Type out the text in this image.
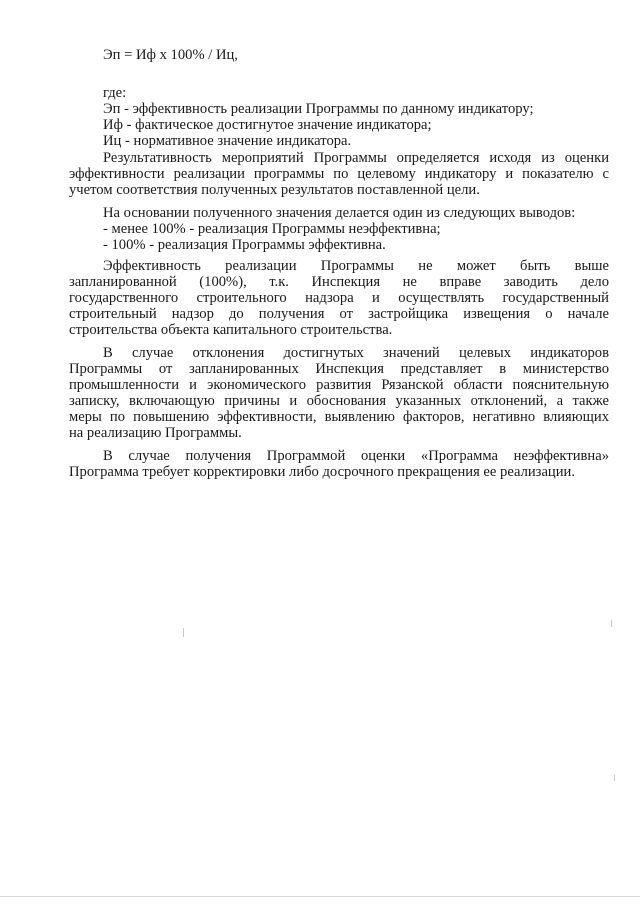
Эп = Иф х 100% / Иц,
где:
Эп - эффективность реализации Программы по данному индикатору;
Иф - фактическое достигнутое значение индикатора;
Иц - нормативное значение индикатора.
Результативность мероприятий Программы определяется исходя из оценки
эффективности реализации программы по целевому индикатору и показателю с
учетом соответствия полученных результатов поставленной цели.
На основании полученного значения делается один из следующих выводов:
- менее 100% - реализация Программы неэффективна;
- 100% - реализация Программы эффективна.
Эффективность реализации Программы не может быть выше
запланированной (100%), т.к. Инспекция не вправе заводить дело
государственного строительного надзора и осуществлять государственный
строительный надзор до получения от застройщика извещения о начале
строительства объекта капитального строительства.
В случае отклонения достигнутых значений целевых индикаторов
Программы от запланированных Инспекция представляет в министерство
промышленности и экономического развития Рязанской области пояснительную
записку, включающую причины и обоснования указанных отклонений, а также
меры по повышению эффективности, выявлению факторов, негативно влияющих
на реализацию Программы.
В случае получения Программой оценки «Программа неэффективна»
Программа требует корректировки либо досрочного прекращения ее реализации.
